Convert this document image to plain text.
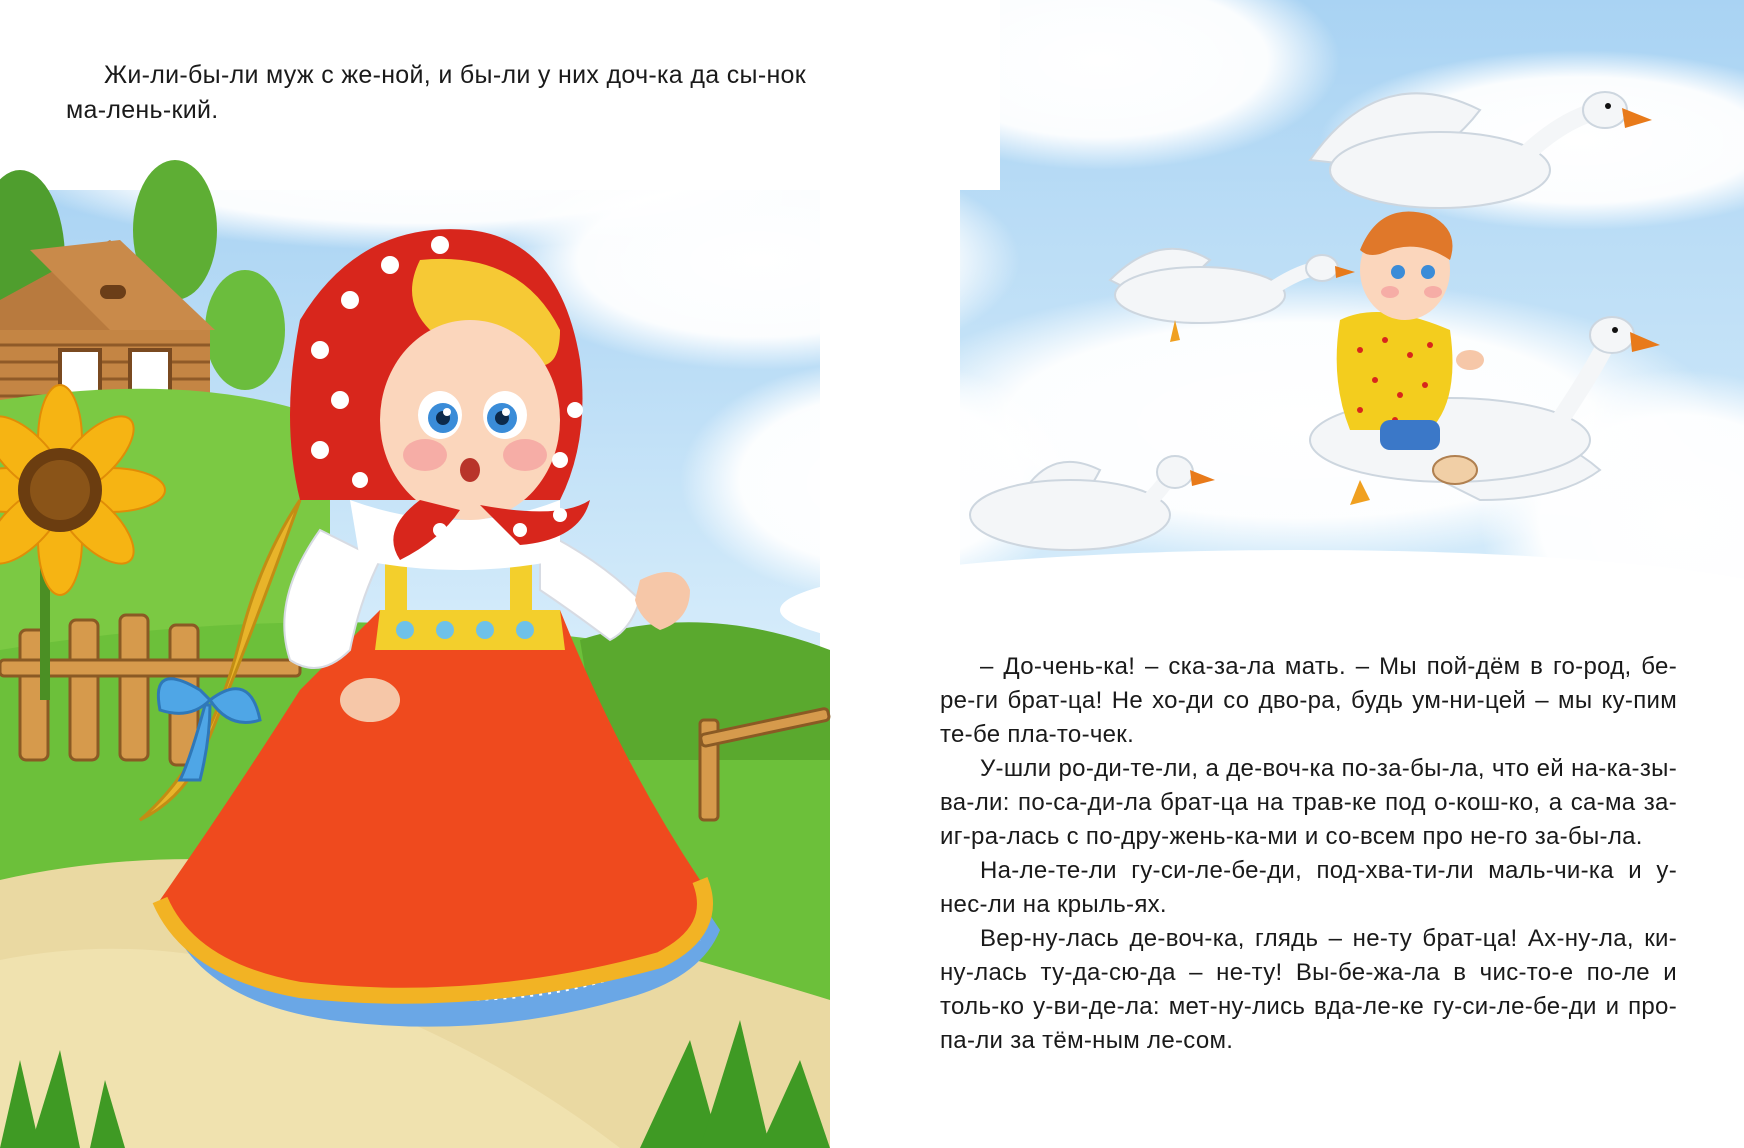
Жи-ли-бы-ли муж с же-ной, и бы-ли у них доч-ка да сы-нок ма-лень-кий.

– До-чень-ка! – ска-за-ла мать. – Мы пой-дём в го-род, бе-ре-ги брат-ца! Не хо-ди со дво-ра, будь ум-ни-цей – мы ку-пим те-бе пла-то-чек.

У-шли ро-ди-те-ли, а де-воч-ка по-за-бы-ла, что ей на-ка-зы-ва-ли: по-са-ди-ла брат-ца на трав-ке под о-кош-ко, а са-ма за-иг-ра-лась с по-дру-жень-ка-ми и со-всем про не-го за-бы-ла.

На-ле-те-ли гу-си-ле-бе-ди, под-хва-ти-ли маль-чи-ка и у-нес-ли на крыль-ях.

Вер-ну-лась де-воч-ка, глядь – не-ту брат-ца! Ах-ну-ла, ки-ну-лась ту-да-сю-да – не-ту! Вы-бе-жа-ла в чис-то-е по-ле и толь-ко у-ви-де-ла: мет-ну-лись вда-ле-ке гу-си-ле-бе-ди и про-па-ли за тём-ным ле-сом.
